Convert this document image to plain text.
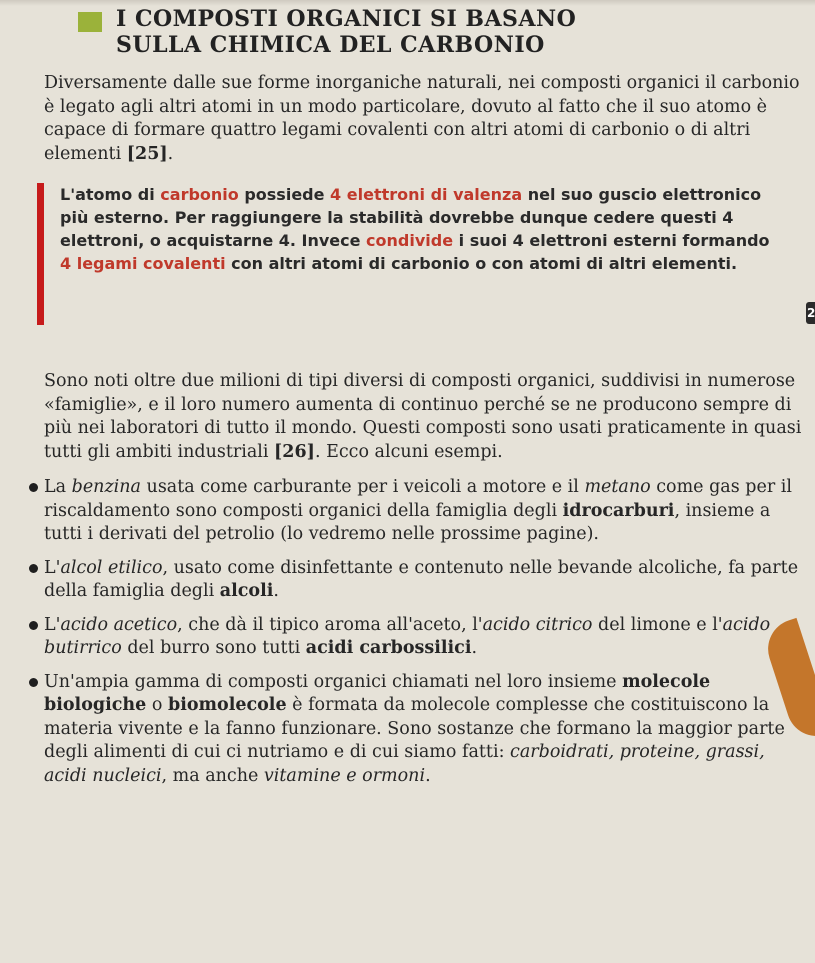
I COMPOSTI ORGANICI SI BASANO
SULLA CHIMICA DEL CARBONIO

Diversamente dalle sue forme inorganiche naturali, nei composti organici il carbonio è legato agli altri atomi in un modo particolare, dovuto al fatto che il suo atomo è capace di formare quattro legami covalenti con altri atomi di carbonio o di altri elementi [25].

L'atomo di carbonio possiede 4 elettroni di valenza nel suo guscio elettronico più esterno. Per raggiungere la stabilità dovrebbe dunque cedere questi 4 elettroni, o acquistarne 4. Invece condivide i suoi 4 elettroni esterni formando 4 legami covalenti con altri atomi di carbonio o con atomi di altri elementi.

2

Sono noti oltre due milioni di tipi diversi di composti organici, suddivisi in numerose «famiglie», e il loro numero aumenta di continuo perché se ne producono sempre di più nei laboratori di tutto il mondo. Questi composti sono usati praticamente in quasi tutti gli ambiti industriali [26]. Ecco alcuni esempi.

La benzina usata come carburante per i veicoli a motore e il metano come gas per il riscaldamento sono composti organici della famiglia degli idrocarburi, insieme a tutti i derivati del petrolio (lo vedremo nelle prossime pagine).
L'alcol etilico, usato come disinfettante e contenuto nelle bevande alcoliche, fa parte della famiglia degli alcoli.
L'acido acetico, che dà il tipico aroma all'aceto, l'acido citrico del limone e l'acido butirrico del burro sono tutti acidi carbossilici.
Un'ampia gamma di composti organici chiamati nel loro insieme molecole biologiche o biomolecole è formata da molecole complesse che costituiscono la materia vivente e la fanno funzionare. Sono sostanze che formano la maggior parte degli alimenti di cui ci nutriamo e di cui siamo fatti: carboidrati, proteine, grassi, acidi nucleici, ma anche vitamine e ormoni.
